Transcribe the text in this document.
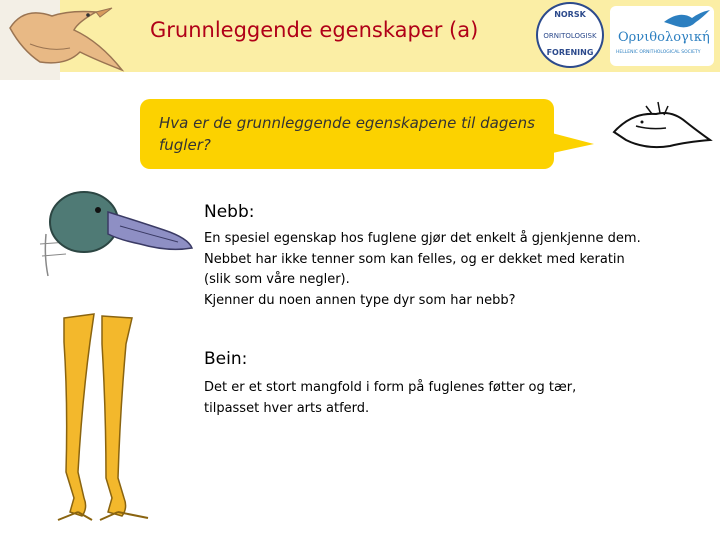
Grunnleggende egenskaper (a)
NORSK
ORNITOLOGISK
FORENING
Ορνιθολογική
HELLENIC ORNITHOLOGICAL SOCIETY
Hva er de grunnleggende egenskapene til dagens fugler?
Nebb:
En spesiel egenskap hos fuglene gjør det enkelt å gjenkjenne dem.
Nebbet har ikke tenner som kan felles, og er dekket med keratin
(slik som våre negler).
Kjenner du noen annen type dyr som har nebb?
Bein:
Det er et stort mangfold i form på fuglenes føtter og tær,
tilpasset hver arts atferd.
